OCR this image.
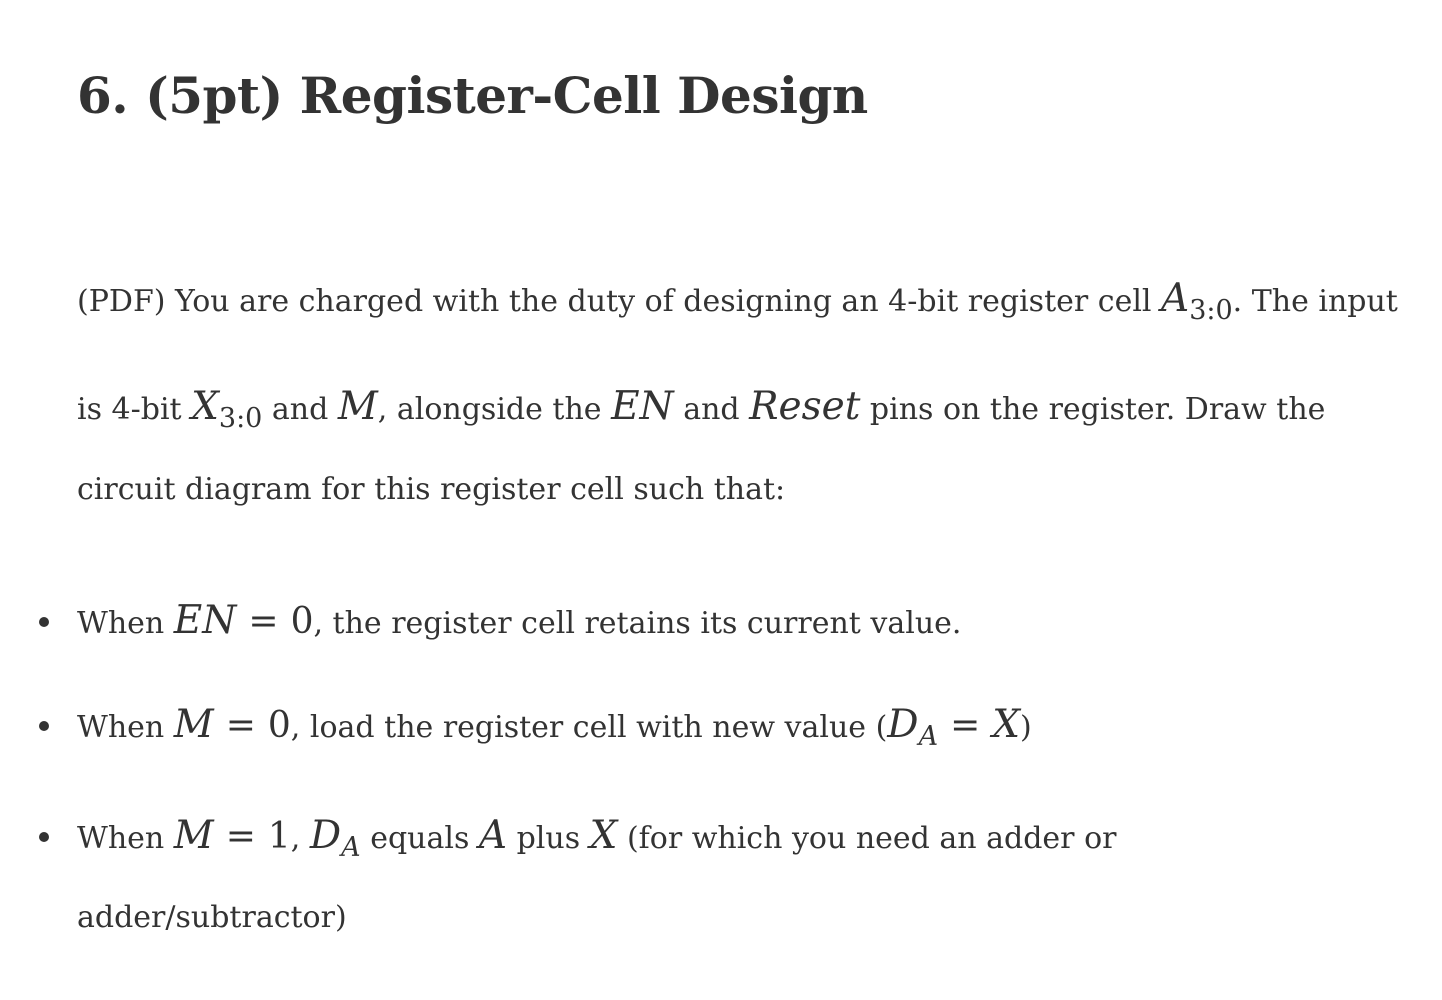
6. (5pt) Register-Cell Design

(PDF) You are charged with the duty of designing an 4-bit register cell A3:0. The input

is 4-bit X3:0 and M, alongside the EN and Reset pins on the register. Draw the

circuit diagram for this register cell such that:

When EN = 0, the register cell retains its current value.
When M = 0, load the register cell with new value (DA = X)
When M = 1, DA equals A plus X (for which you need an adder or

adder/subtractor)
